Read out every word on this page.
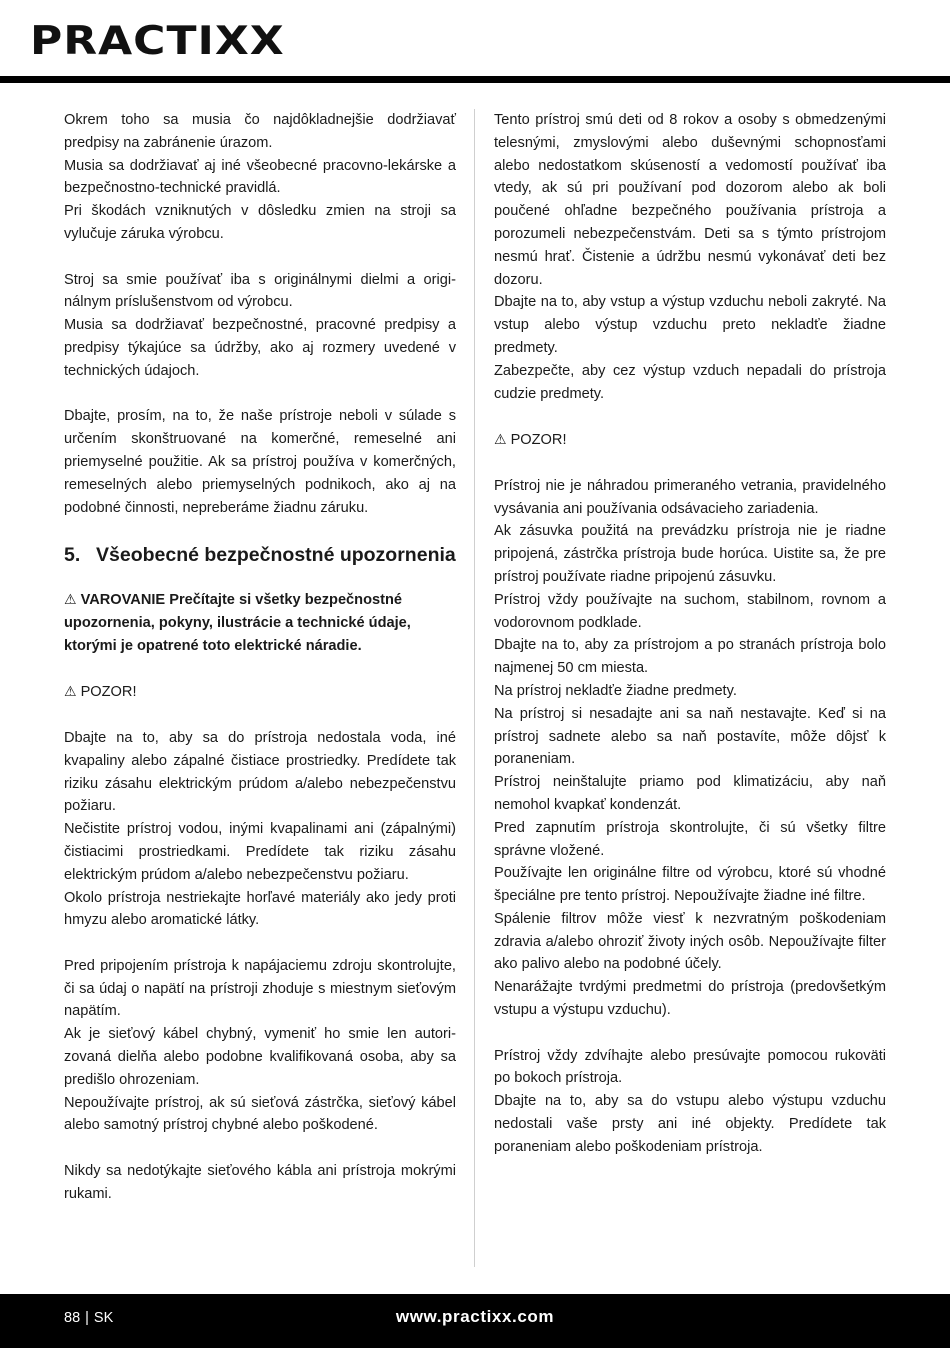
PRACTIXX

Okrem toho sa musia čo najdôkladnejšie dodržiavať predpisy na zabránenie úrazom.

Musia sa dodržiavať aj iné všeobecné pracovno-lekárske a bezpečnostno-technické pravidlá.

Pri škodách vzniknutých v dôsledku zmien na stroji sa vylučuje záruka výrobcu.

Stroj sa smie používať iba s originálnymi dielmi a originálnym príslušenstvom od výrobcu.

Musia sa dodržiavať bezpečnostné, pracovné predpisy a predpisy týkajúce sa údržby, ako aj rozmery uvedené v technických údajoch.

Dbajte, prosím, na to, že naše prístroje neboli v súlade s určením skonštruované na komerčné, remeselné ani priemyselné použitie. Ak sa prístroj používa v komerčných, remeselných alebo priemyselných podnikoch, ako aj na podobné činnosti, nepreberáme žiadnu záruku.

5. Všeobecné bezpečnostné upozornenia

⚠ VAROVANIE Prečítajte si všetky bezpečnostné upozornenia, pokyny, ilustrácie a technické údaje, ktorými je opatrené toto elektrické náradie.

⚠ POZOR!

Dbajte na to, aby sa do prístroja nedostala voda, iné kvapaliny alebo zápalné čistiace prostriedky. Predídete tak riziku zásahu elektrickým prúdom a/alebo nebezpečenstvu požiaru.

Nečistite prístroj vodou, inými kvapalinami ani (zápalnými) čistiacimi prostriedkami. Predídete tak riziku zásahu elektrickým prúdom a/alebo nebezpečenstvu požiaru.

Okolo prístroja nestriekajte horľavé materiály ako jedy proti hmyzu alebo aromatické látky.

Pred pripojením prístroja k napájaciemu zdroju skontrolujte, či sa údaj o napätí na prístroji zhoduje s miestnym sieťovým napätím.

Ak je sieťový kábel chybný, vymeniť ho smie len autorizovaná dielňa alebo podobne kvalifikovaná osoba, aby sa predišlo ohrozeniam.

Nepoužívajte prístroj, ak sú sieťová zástrčka, sieťový kábel alebo samotný prístroj chybné alebo poškodené.

Nikdy sa nedotýkajte sieťového kábla ani prístroja mokrými rukami.

Tento prístroj smú deti od 8 rokov a osoby s obmedzenými telesnými, zmyslovými alebo duševnými schopnosťami alebo nedostatkom skúseností a vedomostí používať iba vtedy, ak sú pri používaní pod dozorom alebo ak boli poučené ohľadne bezpečného používania prístroja a porozumeli nebezpečenstvám. Deti sa s týmto prístrojom nesmú hrať. Čistenie a údržbu nesmú vykonávať deti bez dozoru.

Dbajte na to, aby vstup a výstup vzduchu neboli zakryté. Na vstup alebo výstup vzduchu preto nekladťe žiadne predmety.

Zabezpečte, aby cez výstup vzduch nepadali do prístroja cudzie predmety.

⚠ POZOR!

Prístroj nie je náhradou primeraného vetrania, pravidelného vysávania ani používania odsávacieho zariadenia.

Ak zásuvka použitá na prevádzku prístroja nie je riadne pripojená, zástrčka prístroja bude horúca. Uistite sa, že pre prístroj používate riadne pripojenú zásuvku.

Prístroj vždy používajte na suchom, stabilnom, rovnom a vodorovnom podklade.

Dbajte na to, aby za prístrojom a po stranách prístroja bolo najmenej 50 cm miesta.

Na prístroj nekladťe žiadne predmety.

Na prístroj si nesadajte ani sa naň nestavajte. Keď si na prístroj sadnete alebo sa naň postavíte, môže dôjsť k poraneniam.

Prístroj neinštalujte priamo pod klimatizáciu, aby naň nemohol kvapkať kondenzát.

Pred zapnutím prístroja skontrolujte, či sú všetky filtre správne vložené.

Používajte len originálne filtre od výrobcu, ktoré sú vhodné špeciálne pre tento prístroj. Nepoužívajte žiadne iné filtre.

Spálenie filtrov môže viesť k nezvratným poškodeniam zdravia a/alebo ohroziť životy iných osôb. Nepoužívajte filter ako palivo alebo na podobné účely.

Nenarážajte tvrdými predmetmi do prístroja (predovšetkým vstupu a výstupu vzduchu).

Prístroj vždy zdvíhajte alebo presúvajte pomocou rukoväti po bokoch prístroja.

Dbajte na to, aby sa do vstupu alebo výstupu vzduchu nedostali vaše prsty ani iné objekty. Predídete tak poraneniam alebo poškodeniam prístroja.

88 | SK	www.practixx.com
